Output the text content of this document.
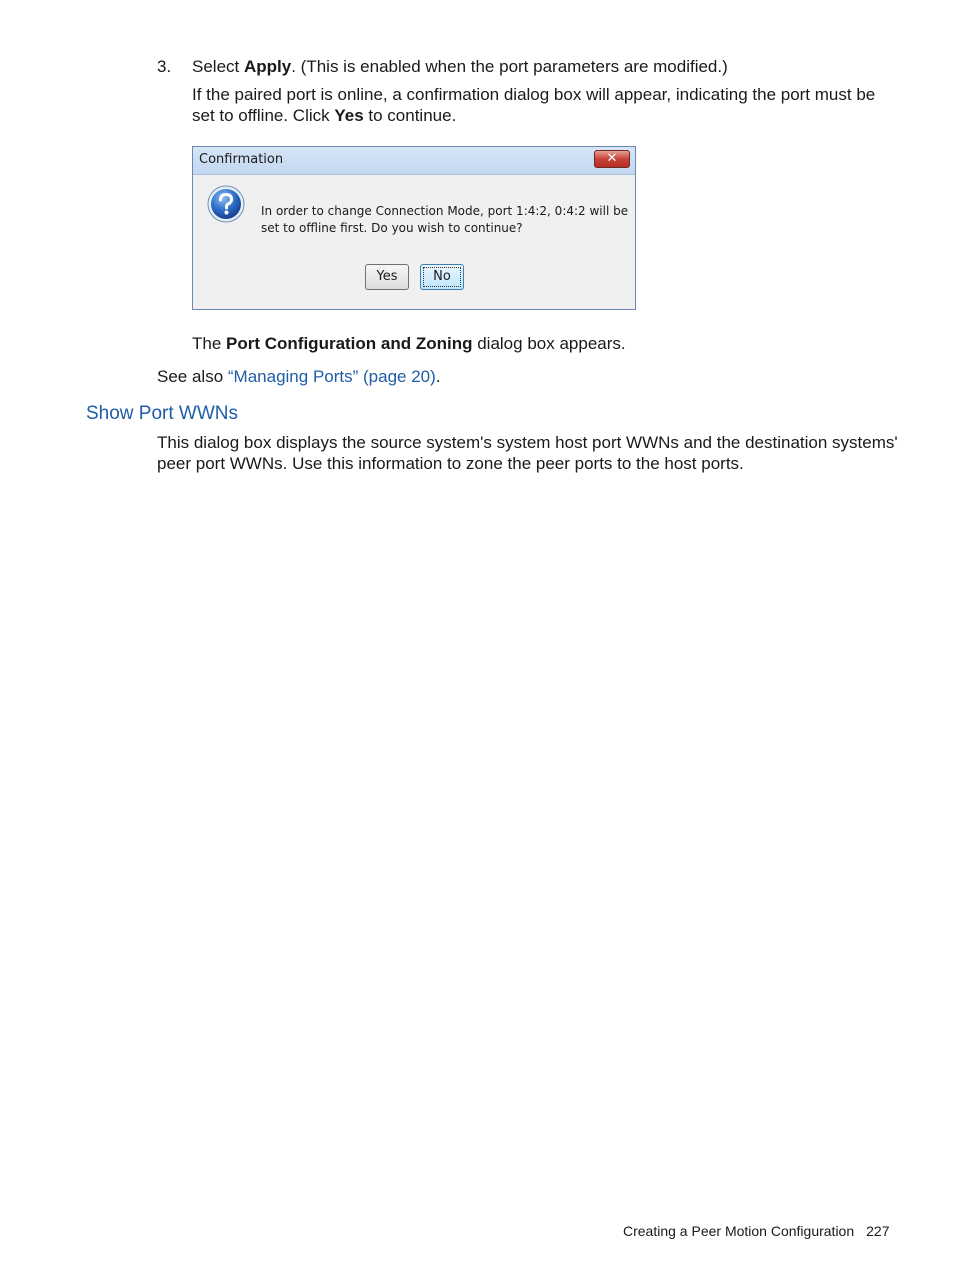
3. Select Apply. (This is enabled when the port parameters are modified.)
If the paired port is online, a confirmation dialog box will appear, indicating the port must be set to offline. Click Yes to continue.
Confirmation	✕
In order to change Connection Mode, port 1:4:2, 0:4:2 will be set to offline first. Do you wish to continue?
Yes	No
The Port Configuration and Zoning dialog box appears.
See also “Managing Ports” (page 20).
Show Port WWNs
This dialog box displays the source system's system host port WWNs and the destination systems' peer port WWNs. Use this information to zone the peer ports to the host ports.
Creating a Peer Motion Configuration 227
